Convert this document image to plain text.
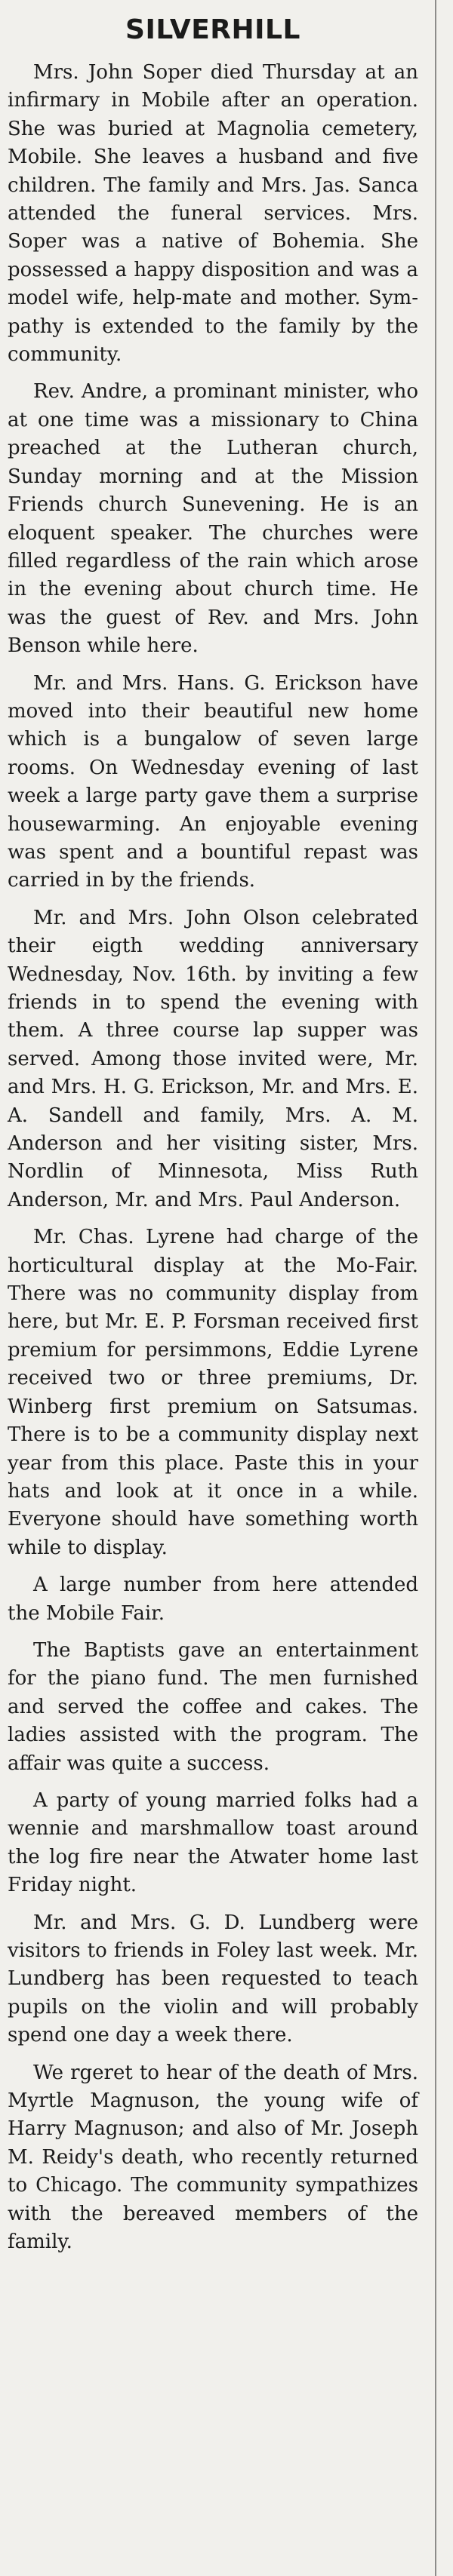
SILVERHILL

Mrs. John Soper died Thursday at an infirmary in Mobile after an operation. She was buried at Magnolia cemetery, Mobile. She leaves a husband and five children. The family and Mrs. Jas. Sanca attended the funeral services. Mrs. Soper was a native of Bohemia. She possessed a happy disposition and was a model wife, help-mate and mother. Sympathy is extended to the family by the community.

Rev. Andre, a prominant minister, who at one time was a missionary to China preached at the Lutheran church, Sunday morning and at the Mission Friends church Sunevening. He is an eloquent speaker. The churches were filled regardless of the rain which arose in the evening about church time. He was the guest of Rev. and Mrs. John Benson while here.

Mr. and Mrs. Hans. G. Erickson have moved into their beautiful new home which is a bungalow of seven large rooms. On Wednesday evening of last week a large party gave them a surprise housewarming. An enjoyable evening was spent and a bountiful repast was carried in by the friends.

Mr. and Mrs. John Olson celebrated their eigth wedding anniversary Wednesday, Nov. 16th. by inviting a few friends in to spend the evening with them. A three course lap supper was served. Among those invited were, Mr. and Mrs. H. G. Erickson, Mr. and Mrs. E. A. Sandell and family, Mrs. A. M. Anderson and her visiting sister, Mrs. Nordlin of Minnesota, Miss Ruth Anderson, Mr. and Mrs. Paul Anderson.

Mr. Chas. Lyrene had charge of the horticultural display at the Mo-Fair. There was no community display from here, but Mr. E. P. Forsman received first premium for persimmons, Eddie Lyrene received two or three premiums, Dr. Winberg first premium on Satsumas. There is to be a community display next year from this place. Paste this in your hats and look at it once in a while. Everyone should have something worth while to display.

A large number from here attended the Mobile Fair.

The Baptists gave an entertainment for the piano fund. The men furnished and served the coffee and cakes. The ladies assisted with the program. The affair was quite a success.

A party of young married folks had a wennie and marshmallow toast around the log fire near the Atwater home last Friday night.

Mr. and Mrs. G. D. Lundberg were visitors to friends in Foley last week. Mr. Lundberg has been requested to teach pupils on the violin and will probably spend one day a week there.

We rgeret to hear of the death of Mrs. Myrtle Magnuson, the young wife of Harry Magnuson; and also of Mr. Joseph M. Reidy's death, who recently returned to Chicago. The community sympathizes with the bereaved members of the family.
